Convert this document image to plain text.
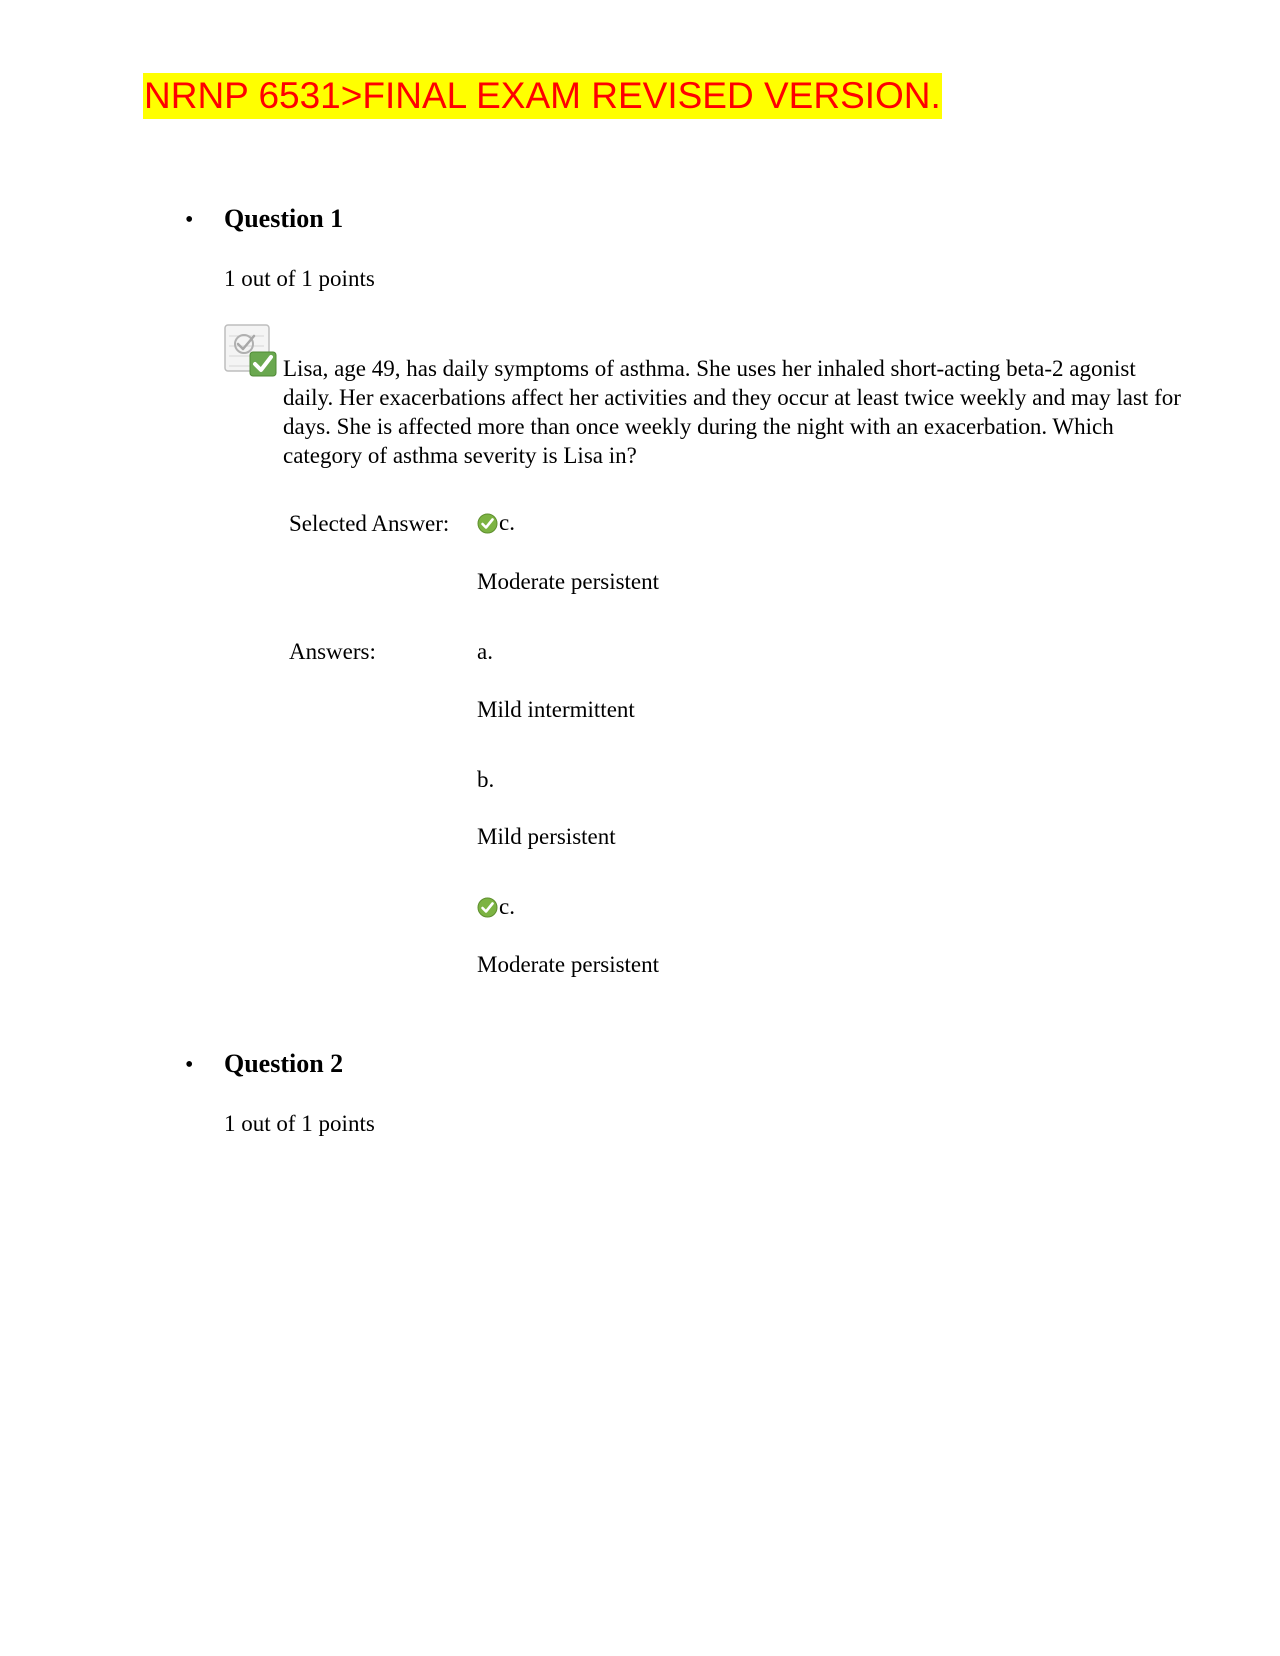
NRNP 6531>FINAL EXAM REVISED VERSION.
• Question 1
1 out of 1 points
Lisa, age 49, has daily symptoms of asthma. She uses her inhaled short-acting beta-2 agonist daily. Her exacerbations affect her activities and they occur at least twice weekly and may last for days. She is affected more than once weekly during the night with an exacerbation. Which category of asthma severity is Lisa in?
Selected Answer: c.
Moderate persistent
Answers:	a.
Mild intermittent
b.
Mild persistent
c.
Moderate persistent
• Question 2
1 out of 1 points
